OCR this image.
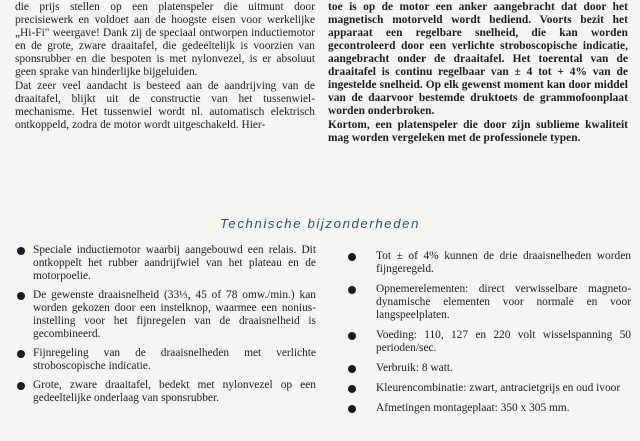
die prijs stellen op een platenspeler die uitmunt door precisiewerk en voldoet aan de hoogste eisen voor werkelijke „Hi-Fi" weergave! Dank zij de speciaal ontworpen inductiemotor en de grote, zware draaitafel, die gedeeltelijk is voorzien van sponsrubber en die bespoten is met nylonvezel, is er absoluut geen sprake van hinderlijke bijgeluiden.

Dat zeer veel aandacht is besteed aan de aandrijving van de draaitafel, blijkt uit de constructie van het tussenwiel-mechanisme. Het tussenwiel wordt nl. automatisch elektrisch ontkoppeld, zodra de motor wordt uitgeschakeld. Hier-

toe is op de motor een anker aangebracht dat door het magnetisch motorveld wordt bediend. Voorts bezit het apparaat een regelbare snelheid, die kan worden gecontroleerd door een verlichte stroboscopische indicatie, aangebracht onder de draaitafel. Het toerental van de draaitafel is continu regelbaar van ± 4 tot + 4% van de ingestelde snelheid. Op elk gewenst moment kan door middel van de daarvoor bestemde druktoets de grammofoonplaat worden onderbroken.

Kortom, een platenspeler die door zijn sublieme kwaliteit mag worden vergeleken met de professionele typen.

Technische bijzonderheden
Speciale inductiemotor waarbij aangebouwd een relais. Dit ontkoppelt het rubber aandrijfwiel van het plateau en de motorpoelie.
De gewenste draaisnelheid (33⅓, 45 of 78 omw./min.) kan worden gekozen door een instelknop, waarmee een nonius-instelling voor het fijnregelen van de draaisnelheid is gecombineerd.
Fijnregeling van de draaisnelheden met verlichte stroboscopische indicatie.
Grote, zware draaitafel, bedekt met nylonvezel op een gedeeltelijke onderlaag van sponsrubber.
Tot ± of 4% kunnen de drie draaisnelheden worden fijngeregeld.
Opnemerelementen: direct verwisselbare magneto-dynamische elementen voor normale en voor langspeelplaten.
Voeding: 110, 127 en 220 volt wisselspanning 50 perioden/sec.
Verbruik: 8 watt.
Kleurencombinatie: zwart, antracietgrijs en oud ivoor
Afmetingen montageplaat: 350 x 305 mm.
